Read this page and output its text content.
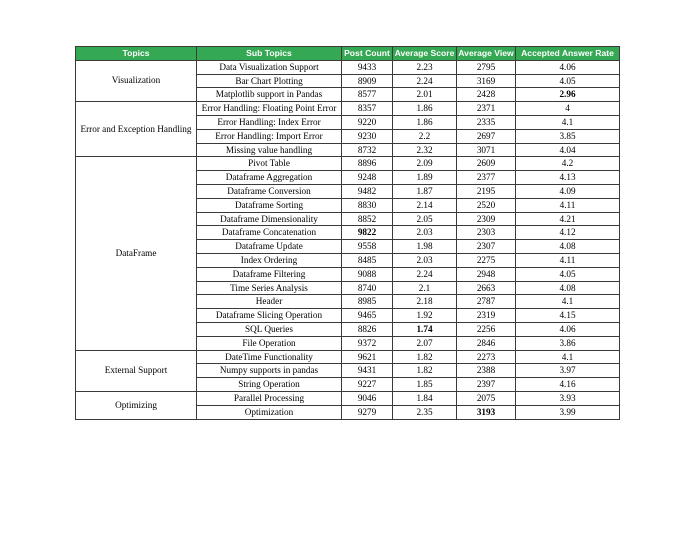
Topics	Sub Topics	Post Count	Average Score	Average View	Accepted Answer Rate
Visualization	Data Visualization Support	9433	2.23	2795	4.06
	Bar Chart Plotting	8909	2.24	3169	4.05
	Matplotlib support in Pandas	8577	2.01	2428	2.96
Error and Exception Handling	Error Handling: Floating Point Error	8357	1.86	2371	4
	Error Handling: Index Error	9220	1.86	2335	4.1
	Error Handling: Import Error	9230	2.2	2697	3.85
	Missing value handling	8732	2.32	3071	4.04
DataFrame	Pivot Table	8896	2.09	2609	4.2
	Dataframe Aggregation	9248	1.89	2377	4.13
	Dataframe Conversion	9482	1.87	2195	4.09
	Dataframe Sorting	8830	2.14	2520	4.11
	Dataframe Dimensionality	8852	2.05	2309	4.21
	Dataframe Concatenation	9822	2.03	2303	4.12
	Dataframe Update	9558	1.98	2307	4.08
	Index Ordering	8485	2.03	2275	4.11
	Dataframe Filtering	9088	2.24	2948	4.05
	Time Series Analysis	8740	2.1	2663	4.08
	Header	8985	2.18	2787	4.1
	Dataframe Slicing Operation	9465	1.92	2319	4.15
	SQL Queries	8826	1.74	2256	4.06
	File Operation	9372	2.07	2846	3.86
External Support	DateTime Functionality	9621	1.82	2273	4.1
	Numpy supports in pandas	9431	1.82	2388	3.97
	String Operation	9227	1.85	2397	4.16
Optimizing	Parallel Processing	9046	1.84	2075	3.93
	Optimization	9279	2.35	3193	3.99
